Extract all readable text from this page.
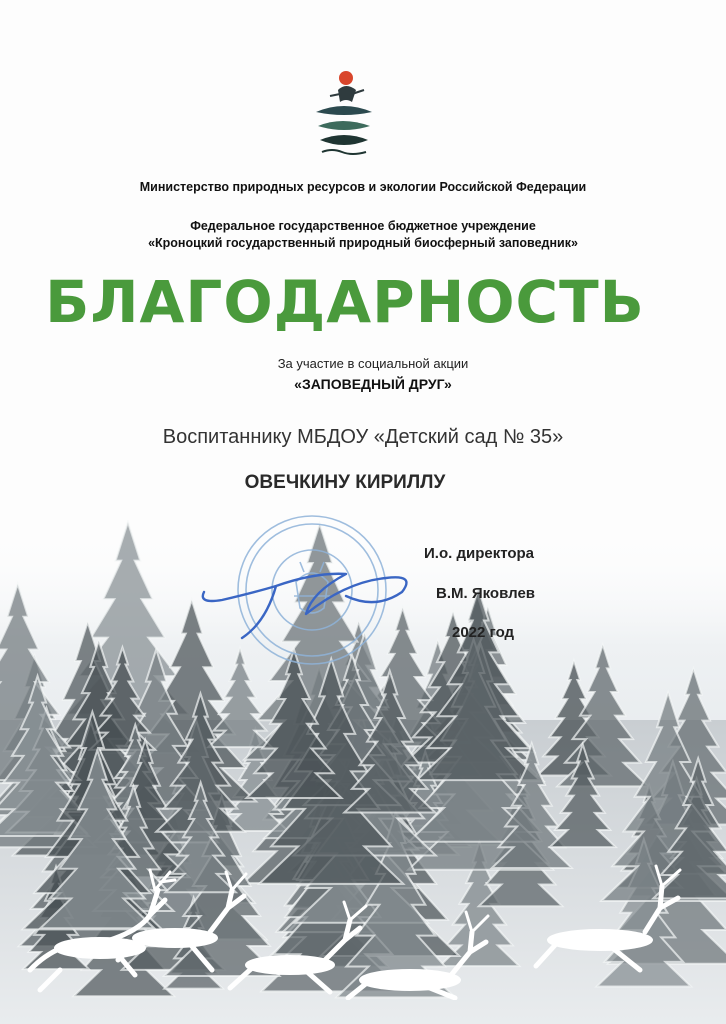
Министерство природных ресурсов и экологии Российской Федерации
Федеральное государственное бюджетное учреждение
«Кроноцкий государственный природный биосферный заповедник»
БЛАГОДАРНОСТЬ
За участие в социальной акции
«ЗАПОВЕДНЫЙ ДРУГ»
Воспитаннику МБДОУ «Детский сад № 35»
ОВЕЧКИНУ КИРИЛЛУ
И.о. директора
В.М. Яковлев
2022 год
